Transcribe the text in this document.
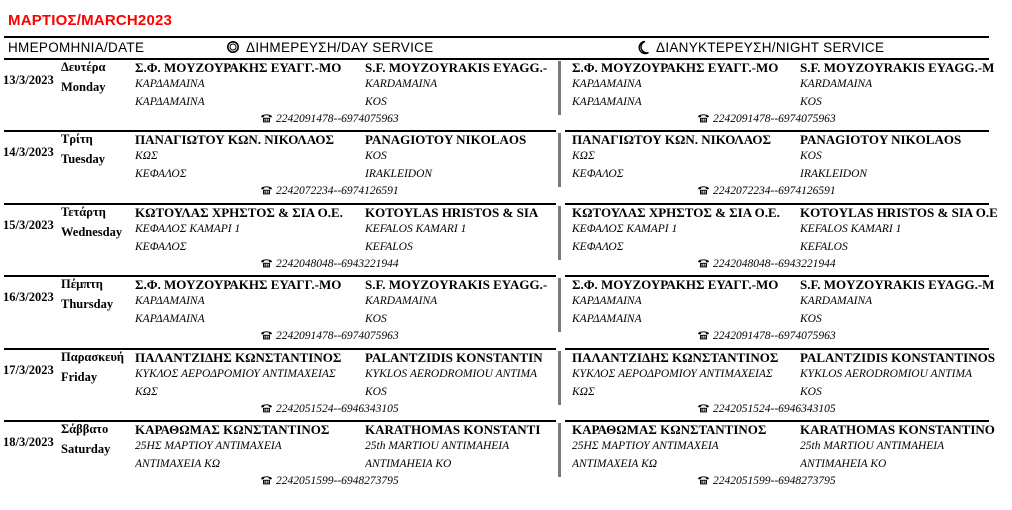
ΜΑΡΤΙΟΣ/MARCH2023
ΗΜΕΡΟΜΗΝΙΑ/DATE	ΔΙΗΜΕΡΕΥΣΗ/DAY SERVICE	ΔΙΑΝΥΚΤΕΡΕΥΣΗ/NIGHT SERVICE
13/3/2023
Δευτέρα
Monday
Σ.Φ. ΜΟΥΖΟΥΡΑΚΗΣ ΕΥΑΓΓ.-ΜΟ	S.F. MOYZOYRAKIS EYAGG.-
ΚΑΡΔΑΜΑΙΝΑ	KARDAMAINA
ΚΑΡΔΑΜΑΙΝΑ	KOS
2242091478--6974075963
Σ.Φ. ΜΟΥΖΟΥΡΑΚΗΣ ΕΥΑΓΓ.-ΜΟ	S.F. MOYZOYRAKIS EYAGG.-M
ΚΑΡΔΑΜΑΙΝΑ	KARDAMAINA
ΚΑΡΔΑΜΑΙΝΑ	KOS
2242091478--6974075963
14/3/2023
Τρίτη
Tuesday
ΠΑΝΑΓΙΩΤΟΥ ΚΩΝ. ΝΙΚΟΛΑΟΣ	PANAGIOTOY NIKOLAOS
ΚΩΣ	KOS
ΚΕΦΑΛΟΣ	IRAKLEIDON
2242072234--6974126591
ΠΑΝΑΓΙΩΤΟΥ ΚΩΝ. ΝΙΚΟΛΑΟΣ	PANAGIOTOY NIKOLAOS
ΚΩΣ	KOS
ΚΕΦΑΛΟΣ	IRAKLEIDON
2242072234--6974126591
15/3/2023
Τετάρτη
Wednesday
ΚΩΤΟΥΛΑΣ ΧΡΗΣΤΟΣ & ΣΙΑ Ο.Ε.	KOTOYLAS HRISTOS & SIA
ΚΕΦΑΛΟΣ ΚΑΜΑΡΙ 1	KEFALOS KAMARI 1
ΚΕΦΑΛΟΣ	KEFALOS
2242048048--6943221944
ΚΩΤΟΥΛΑΣ ΧΡΗΣΤΟΣ & ΣΙΑ Ο.Ε.	KOTOYLAS HRISTOS & SIA O.E
ΚΕΦΑΛΟΣ ΚΑΜΑΡΙ 1	KEFALOS KAMARI 1
ΚΕΦΑΛΟΣ	KEFALOS
2242048048--6943221944
16/3/2023
Πέμπτη
Thursday
Σ.Φ. ΜΟΥΖΟΥΡΑΚΗΣ ΕΥΑΓΓ.-ΜΟ	S.F. MOYZOYRAKIS EYAGG.-
ΚΑΡΔΑΜΑΙΝΑ	KARDAMAINA
ΚΑΡΔΑΜΑΙΝΑ	KOS
2242091478--6974075963
Σ.Φ. ΜΟΥΖΟΥΡΑΚΗΣ ΕΥΑΓΓ.-ΜΟ	S.F. MOYZOYRAKIS EYAGG.-M
ΚΑΡΔΑΜΑΙΝΑ	KARDAMAINA
ΚΑΡΔΑΜΑΙΝΑ	KOS
2242091478--6974075963
17/3/2023
Παρασκευή
Friday
ΠΑΛΑΝΤΖΙΔΗΣ ΚΩΝΣΤΑΝΤΙΝΟΣ	PALANTZIDIS KONSTANTIN
ΚΥΚΛΟΣ ΑΕΡΟΔΡΟΜΙΟΥ ΑΝΤΙΜΑΧΕΙΑΣ	KYKLOS AERODROMIOU ANTIMA
ΚΩΣ	KOS
2242051524--6946343105
ΠΑΛΑΝΤΖΙΔΗΣ ΚΩΝΣΤΑΝΤΙΝΟΣ	PALANTZIDIS KONSTANTINOS
ΚΥΚΛΟΣ ΑΕΡΟΔΡΟΜΙΟΥ ΑΝΤΙΜΑΧΕΙΑΣ	KYKLOS AERODROMIOU ANTIMA
ΚΩΣ	KOS
2242051524--6946343105
18/3/2023
Σάββατο
Saturday
ΚΑΡΑΘΩΜΑΣ ΚΩΝΣΤΑΝΤΙΝΟΣ	KARATHOMAS KONSTANTI
25ΗΣ ΜΑΡΤΙΟΥ ΑΝΤΙΜΑΧΕΙΑ	25th MARTIOU ANTIMAHEIA
ΑΝΤΙΜΑΧΕΙΑ ΚΩ	ANTIMAHEIA KO
2242051599--6948273795
ΚΑΡΑΘΩΜΑΣ ΚΩΝΣΤΑΝΤΙΝΟΣ	KARATHOMAS KONSTANTINO
25ΗΣ ΜΑΡΤΙΟΥ ΑΝΤΙΜΑΧΕΙΑ	25th MARTIOU ANTIMAHEIA
ΑΝΤΙΜΑΧΕΙΑ ΚΩ	ANTIMAHEIA KO
2242051599--6948273795
